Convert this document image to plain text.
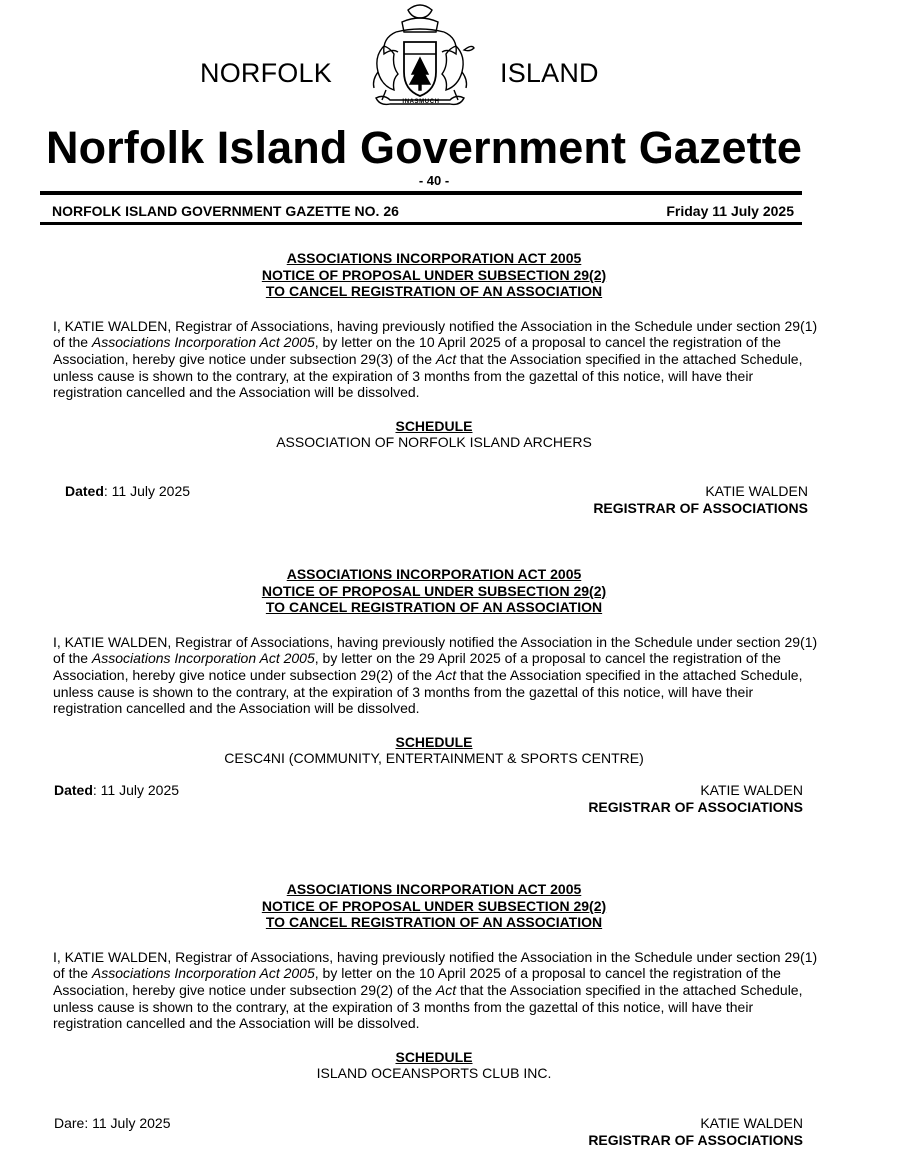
NORFOLK	ISLAND
INASMUCH
Norfolk Island Government Gazette
- 40 -
NORFOLK ISLAND GOVERNMENT GAZETTE NO. 26	Friday 11 July 2025
ASSOCIATIONS INCORPORATION ACT 2005
NOTICE OF PROPOSAL UNDER SUBSECTION 29(2)
TO CANCEL REGISTRATION OF AN ASSOCIATION
I, KATIE WALDEN, Registrar of Associations, having previously notified the Association in the Schedule under section 29(1) of the Associations Incorporation Act 2005, by letter on the 10 April 2025 of a proposal to cancel the registration of the Association, hereby give notice under subsection 29(3) of the Act that the Association specified in the attached Schedule, unless cause is shown to the contrary, at the expiration of 3 months from the gazettal of this notice, will have their registration cancelled and the Association will be dissolved.
SCHEDULE
ASSOCIATION OF NORFOLK ISLAND ARCHERS
Dated: 11 July 2025	KATIE WALDEN
REGISTRAR OF ASSOCIATIONS
ASSOCIATIONS INCORPORATION ACT 2005
NOTICE OF PROPOSAL UNDER SUBSECTION 29(2)
TO CANCEL REGISTRATION OF AN ASSOCIATION
I, KATIE WALDEN, Registrar of Associations, having previously notified the Association in the Schedule under section 29(1) of the Associations Incorporation Act 2005, by letter on the 29 April 2025 of a proposal to cancel the registration of the Association, hereby give notice under subsection 29(2) of the Act that the Association specified in the attached Schedule, unless cause is shown to the contrary, at the expiration of 3 months from the gazettal of this notice, will have their registration cancelled and the Association will be dissolved.
SCHEDULE
CESC4NI (COMMUNITY, ENTERTAINMENT & SPORTS CENTRE)
Dated: 11 July 2025	KATIE WALDEN
REGISTRAR OF ASSOCIATIONS
ASSOCIATIONS INCORPORATION ACT 2005
NOTICE OF PROPOSAL UNDER SUBSECTION 29(2)
TO CANCEL REGISTRATION OF AN ASSOCIATION
I, KATIE WALDEN, Registrar of Associations, having previously notified the Association in the Schedule under section 29(1) of the Associations Incorporation Act 2005, by letter on the 10 April 2025 of a proposal to cancel the registration of the Association, hereby give notice under subsection 29(2) of the Act that the Association specified in the attached Schedule, unless cause is shown to the contrary, at the expiration of 3 months from the gazettal of this notice, will have their registration cancelled and the Association will be dissolved.
SCHEDULE
ISLAND OCEANSPORTS CLUB INC.
Dare: 11 July 2025	KATIE WALDEN
REGISTRAR OF ASSOCIATIONS
